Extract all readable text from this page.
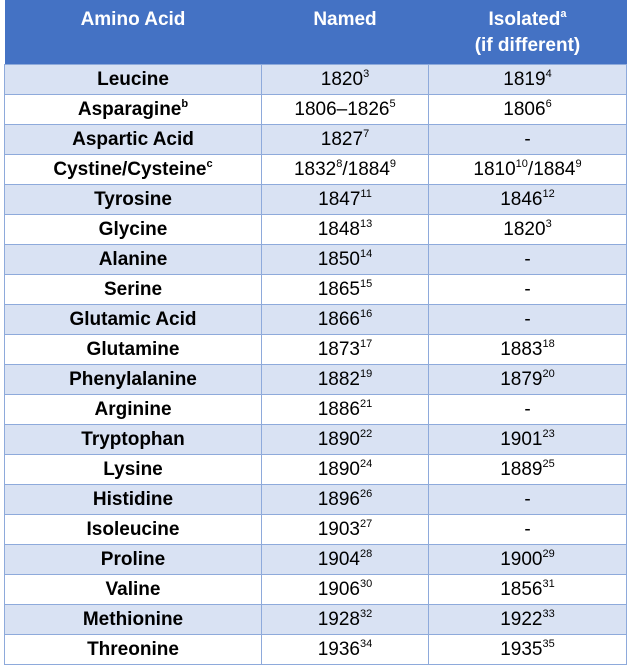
Amino Acid	Named	Isolated$^a$
(if different)
Leucine	1820$^3$	1819$^4$
Asparagine$^b$	1806–1826$^5$	1806$^6$
Aspartic Acid	1827$^7$	-
Cystine/Cysteine$^c$	1832$^8$/1884$^9$	1810$^{10}$/1884$^9$
Tyrosine	1847$^{11}$	1846$^{12}$
Glycine	1848$^{13}$	1820$^3$
Alanine	1850$^{14}$	-
Serine	1865$^{15}$	-
Glutamic Acid	1866$^{16}$	-
Glutamine	1873$^{17}$	1883$^{18}$
Phenylalanine	1882$^{19}$	1879$^{20}$
Arginine	1886$^{21}$	-
Tryptophan	1890$^{22}$	1901$^{23}$
Lysine	1890$^{24}$	1889$^{25}$
Histidine	1896$^{26}$	-
Isoleucine	1903$^{27}$	-
Proline	1904$^{28}$	1900$^{29}$
Valine	1906$^{30}$	1856$^{31}$
Methionine	1928$^{32}$	1922$^{33}$
Threonine	1936$^{34}$	1935$^{35}$
